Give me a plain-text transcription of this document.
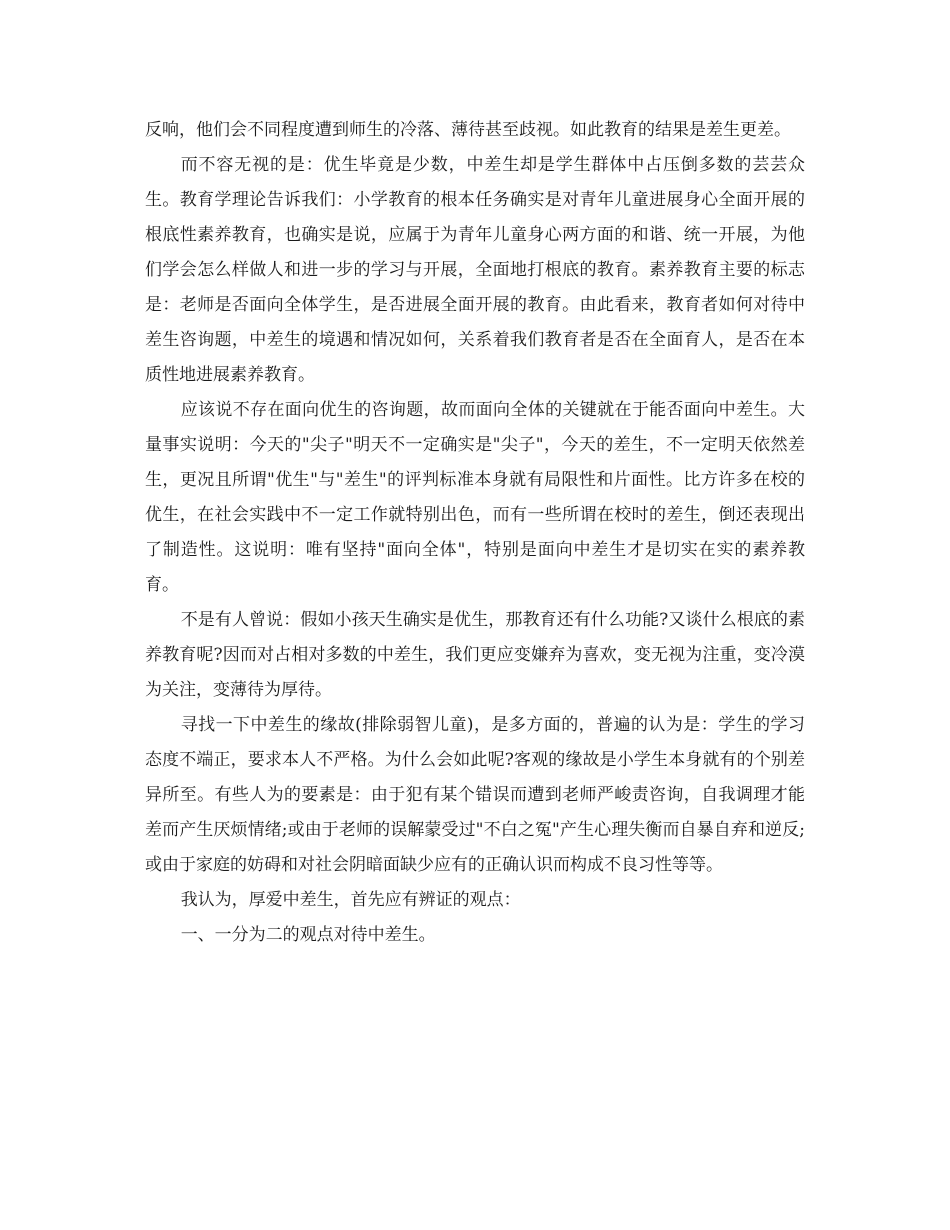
反响，他们会不同程度遭到师生的冷落、薄待甚至歧视。如此教育的结果是差生更差。

而不容无视的是：优生毕竟是少数，中差生却是学生群体中占压倒多数的芸芸众生。教育学理论告诉我们：小学教育的根本任务确实是对青年儿童进展身心全面开展的根底性素养教育，也确实是说，应属于为青年儿童身心两方面的和谐、统一开展，为他们学会怎么样做人和进一步的学习与开展，全面地打根底的教育。素养教育主要的标志是：老师是否面向全体学生，是否进展全面开展的教育。由此看来，教育者如何对待中差生咨询题，中差生的境遇和情况如何，关系着我们教育者是否在全面育人，是否在本质性地进展素养教育。

应该说不存在面向优生的咨询题，故而面向全体的关键就在于能否面向中差生。大量事实说明：今天的"尖子"明天不一定确实是"尖子"，今天的差生，不一定明天依然差生，更况且所谓"优生"与"差生"的评判标准本身就有局限性和片面性。比方许多在校的优生，在社会实践中不一定工作就特别出色，而有一些所谓在校时的差生，倒还表现出了制造性。这说明：唯有坚持"面向全体"，特别是面向中差生才是切实在实的素养教育。

不是有人曾说：假如小孩天生确实是优生，那教育还有什么功能?又谈什么根底的素养教育呢?因而对占相对多数的中差生，我们更应变嫌弃为喜欢，变无视为注重，变冷漠为关注，变薄待为厚待。

寻找一下中差生的缘故(排除弱智儿童)，是多方面的，普遍的认为是：学生的学习态度不端正，要求本人不严格。为什么会如此呢?客观的缘故是小学生本身就有的个别差异所至。有些人为的要素是：由于犯有某个错误而遭到老师严峻责咨询，自我调理才能差而产生厌烦情绪;或由于老师的误解蒙受过"不白之冤"产生心理失衡而自暴自弃和逆反;或由于家庭的妨碍和对社会阴暗面缺少应有的正确认识而构成不良习性等等。

我认为，厚爱中差生，首先应有辨证的观点：

一、一分为二的观点对待中差生。
